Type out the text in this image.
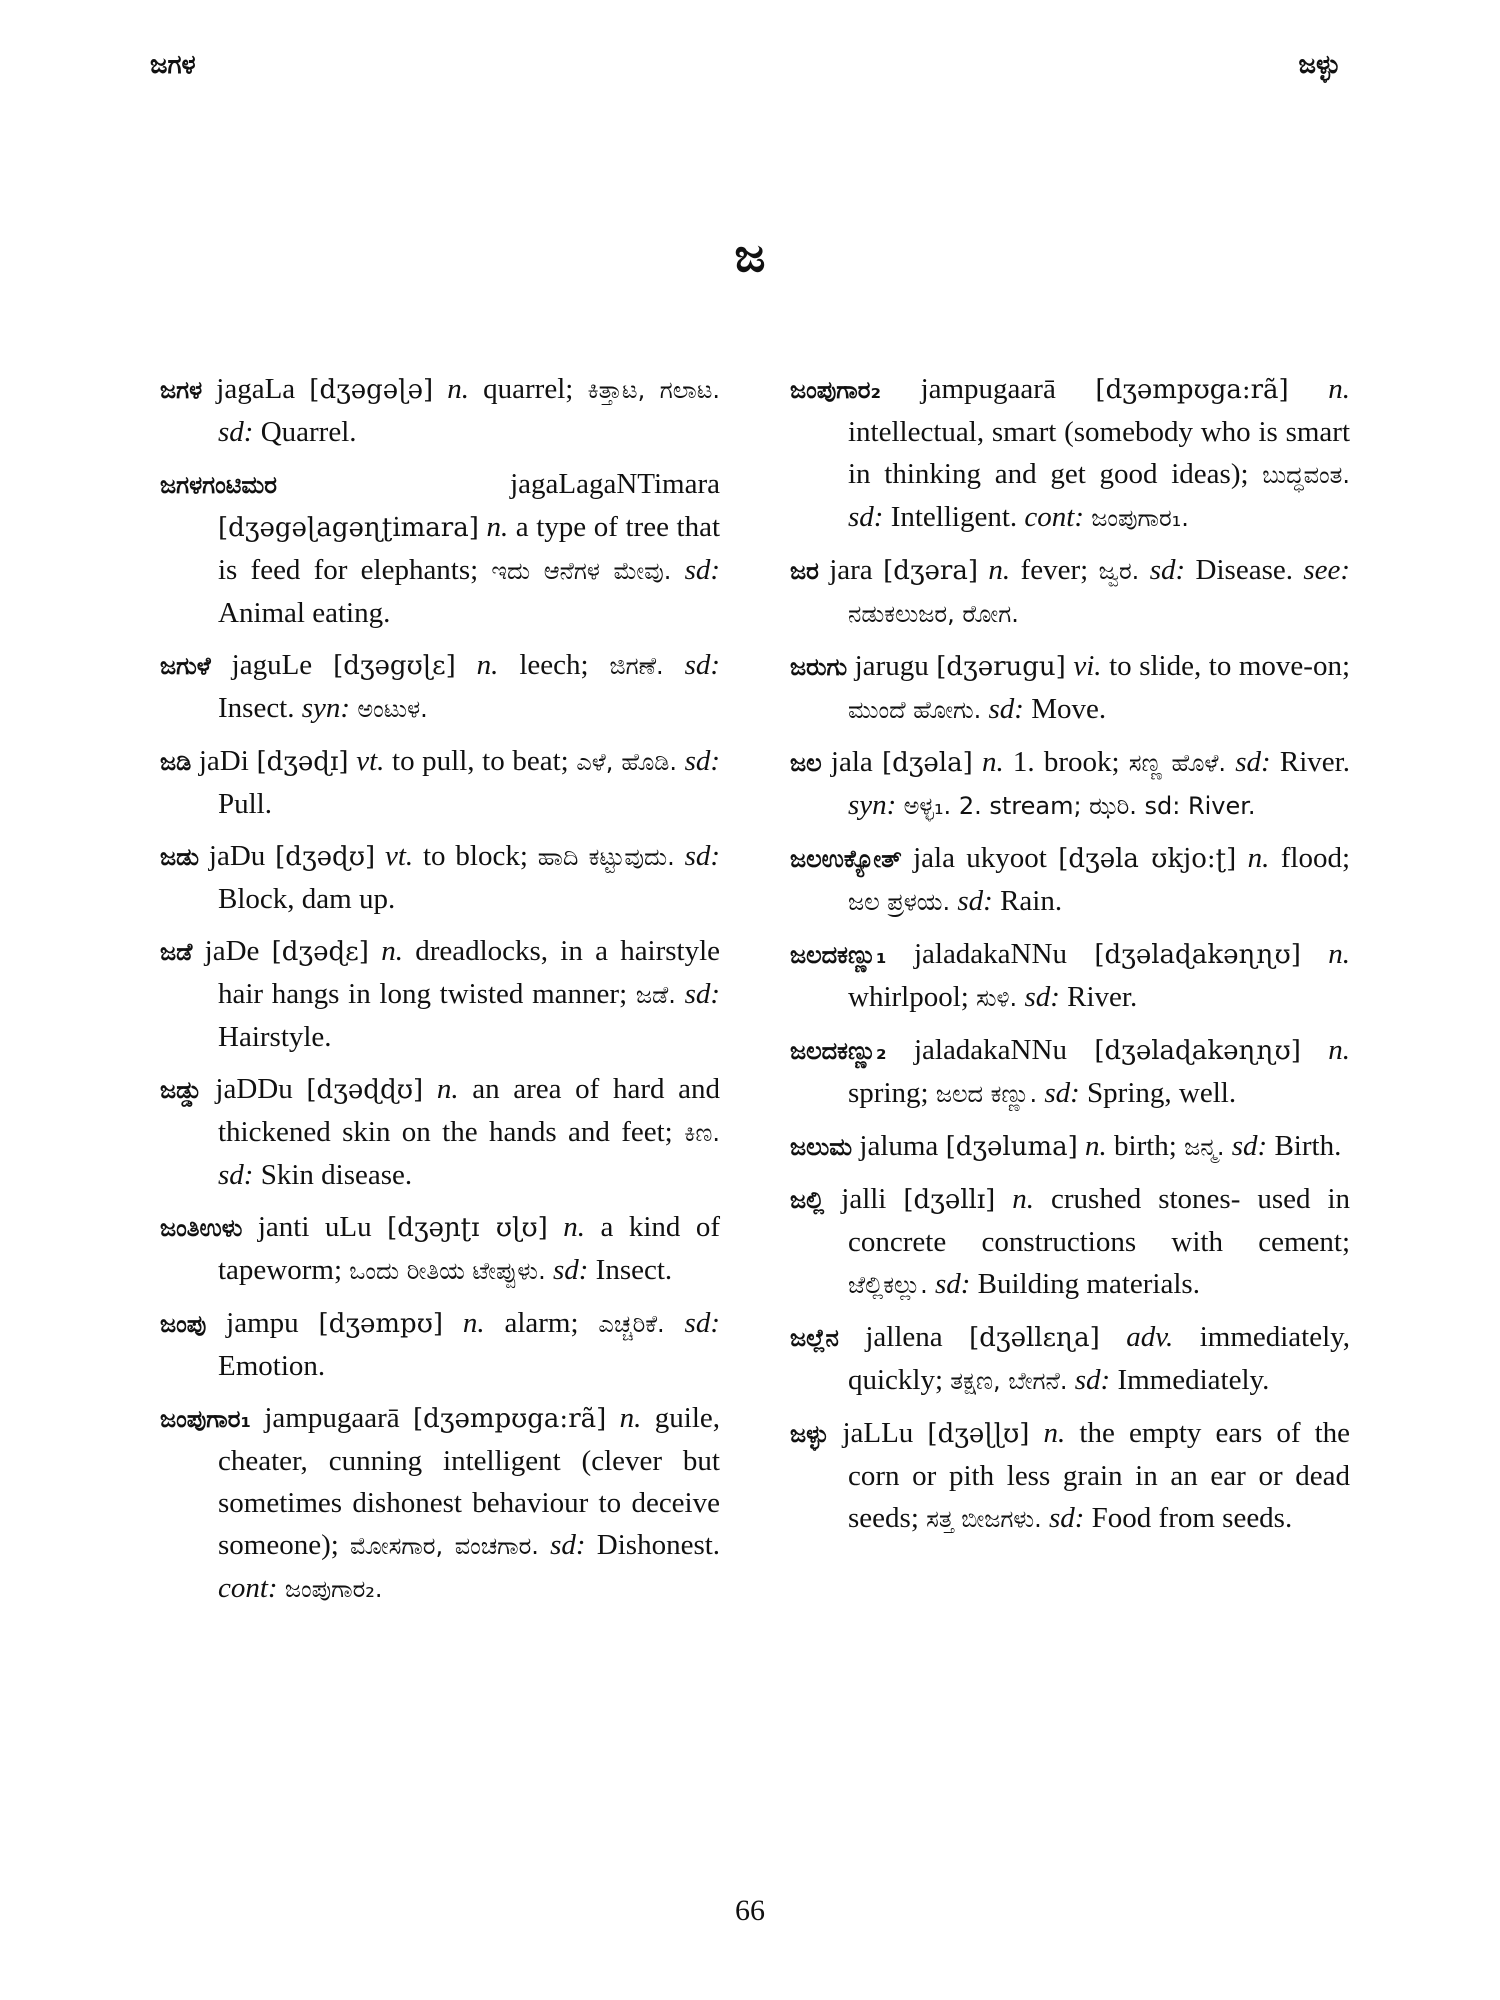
ಜಗಳ	ಜಳ್ಳು
ಜ
ಜಗಳ jagaLa [dʒəgəɭə] n. quarrel; ಕಿತ್ತಾಟ, ಗಲಾಟ. sd: Quarrel.
ಜಗಳಗಂಟಿಮರ	jagaLagaNTimara [dʒəgəɭagəɳʈimara] n. a type of tree that is feed for elephants; ಇದು ಆನೆಗಳ ಮೇವು. sd: Animal eating.
ಜಗುಳೆ jaguLe [dʒəgʊɭɛ] n. leech; ಜಿಗಣೆ. sd: Insect. syn: ಅಂಟುಳ.
ಜಡಿ jaDi [dʒəɖɪ] vt. to pull, to beat; ಎಳೆ, ಹೊಡಿ. sd: Pull.
ಜಡು jaDu [dʒəɖʊ] vt. to block; ಹಾದಿ ಕಟ್ಟುವುದು. sd: Block, dam up.
ಜಡೆ jaDe [dʒəɖɛ] n. dreadlocks, in a hairstyle hair hangs in long twisted manner; ಜಡೆ. sd: Hairstyle.
ಜಡ್ಡು jaDDu [dʒəɖɖʊ] n. an area of hard and thickened skin on the hands and feet; ಕಿಣ. sd: Skin disease.
ಜಂತಿಉಳು janti uLu [dʒəɲʈɪ ʊɭʊ] n. a kind of tapeworm; ಒಂದು ರೀತಿಯ ಟೇಪ್ಪುಳು. sd: Insect.
ಜಂಪು jampu [dʒəmpʊ] n. alarm; ಎಚ್ಚರಿಕೆ. sd: Emotion.
ಜಂಪುಗಾರ₁ jampugaarā [dʒəmpʊga:rã] n. guile, cheater, cunning intelligent (clever but sometimes dishonest behaviour to deceive someone); ಮೋಸಗಾರ, ವಂಚಗಾರ. sd: Dishonest. cont: ಜಂಪುಗಾರ₂.
ಜಂಪುಗಾರ₂ jampugaarā [dʒəmpʊga:rã] n. intellectual, smart (somebody who is smart in thinking and get good ideas); ಬುದ್ಧವಂತ. sd: Intelligent. cont: ಜಂಪುಗಾರ₁.
ಜರ jara [dʒəra] n. fever; ಜ್ವರ. sd: Disease. see: ನಡುಕಲುಜರ, ರೋಗ.
ಜರುಗು jarugu [dʒərugu] vi. to slide, to move-on; ಮುಂದೆ ಹೋಗು. sd: Move.
ಜಲ jala [dʒəla] n. 1. brook; ಸಣ್ಣ ಹೊಳೆ. sd: River. syn: ಅಳ್ಳ₁. 2. stream; ಝರಿ. sd: River.
ಜಲಉಕ್ಯೋತ್ jala ukyoot [dʒəla ʊkjo:ʈ] n. flood; ಜಲ ಪ್ರಳಯ. sd: Rain.
ಜಲದಕಣ್ಣು₁ jaladakaNNu [dʒəlaɖakəɳɳʊ] n. whirlpool; ಸುಳಿ. sd: River.
ಜಲದಕಣ್ಣು₂ jaladakaNNu [dʒəlaɖakəɳɳʊ] n. spring; ಜಲದ ಕಣ್ಣು. sd: Spring, well.
ಜಲುಮ jaluma [dʒəluma] n. birth; ಜನ್ಮ. sd: Birth.
ಜಲ್ಲಿ jalli [dʒəllɪ] n. crushed stones- used in concrete constructions with cement; ಜೆಲ್ಲಿಕಲ್ಲು. sd: Building materials.
ಜಲ್ಲೆನ jallena [dʒəllɛɳa] adv. immediately, quickly; ತಕ್ಷಣ, ಬೇಗನೆ. sd: Immediately.
ಜಳ್ಳು jaLLu [dʒəɭɭʊ] n. the empty ears of the corn or pith less grain in an ear or dead seeds; ಸತ್ತ ಬೀಜಗಳು. sd: Food from seeds.
66
